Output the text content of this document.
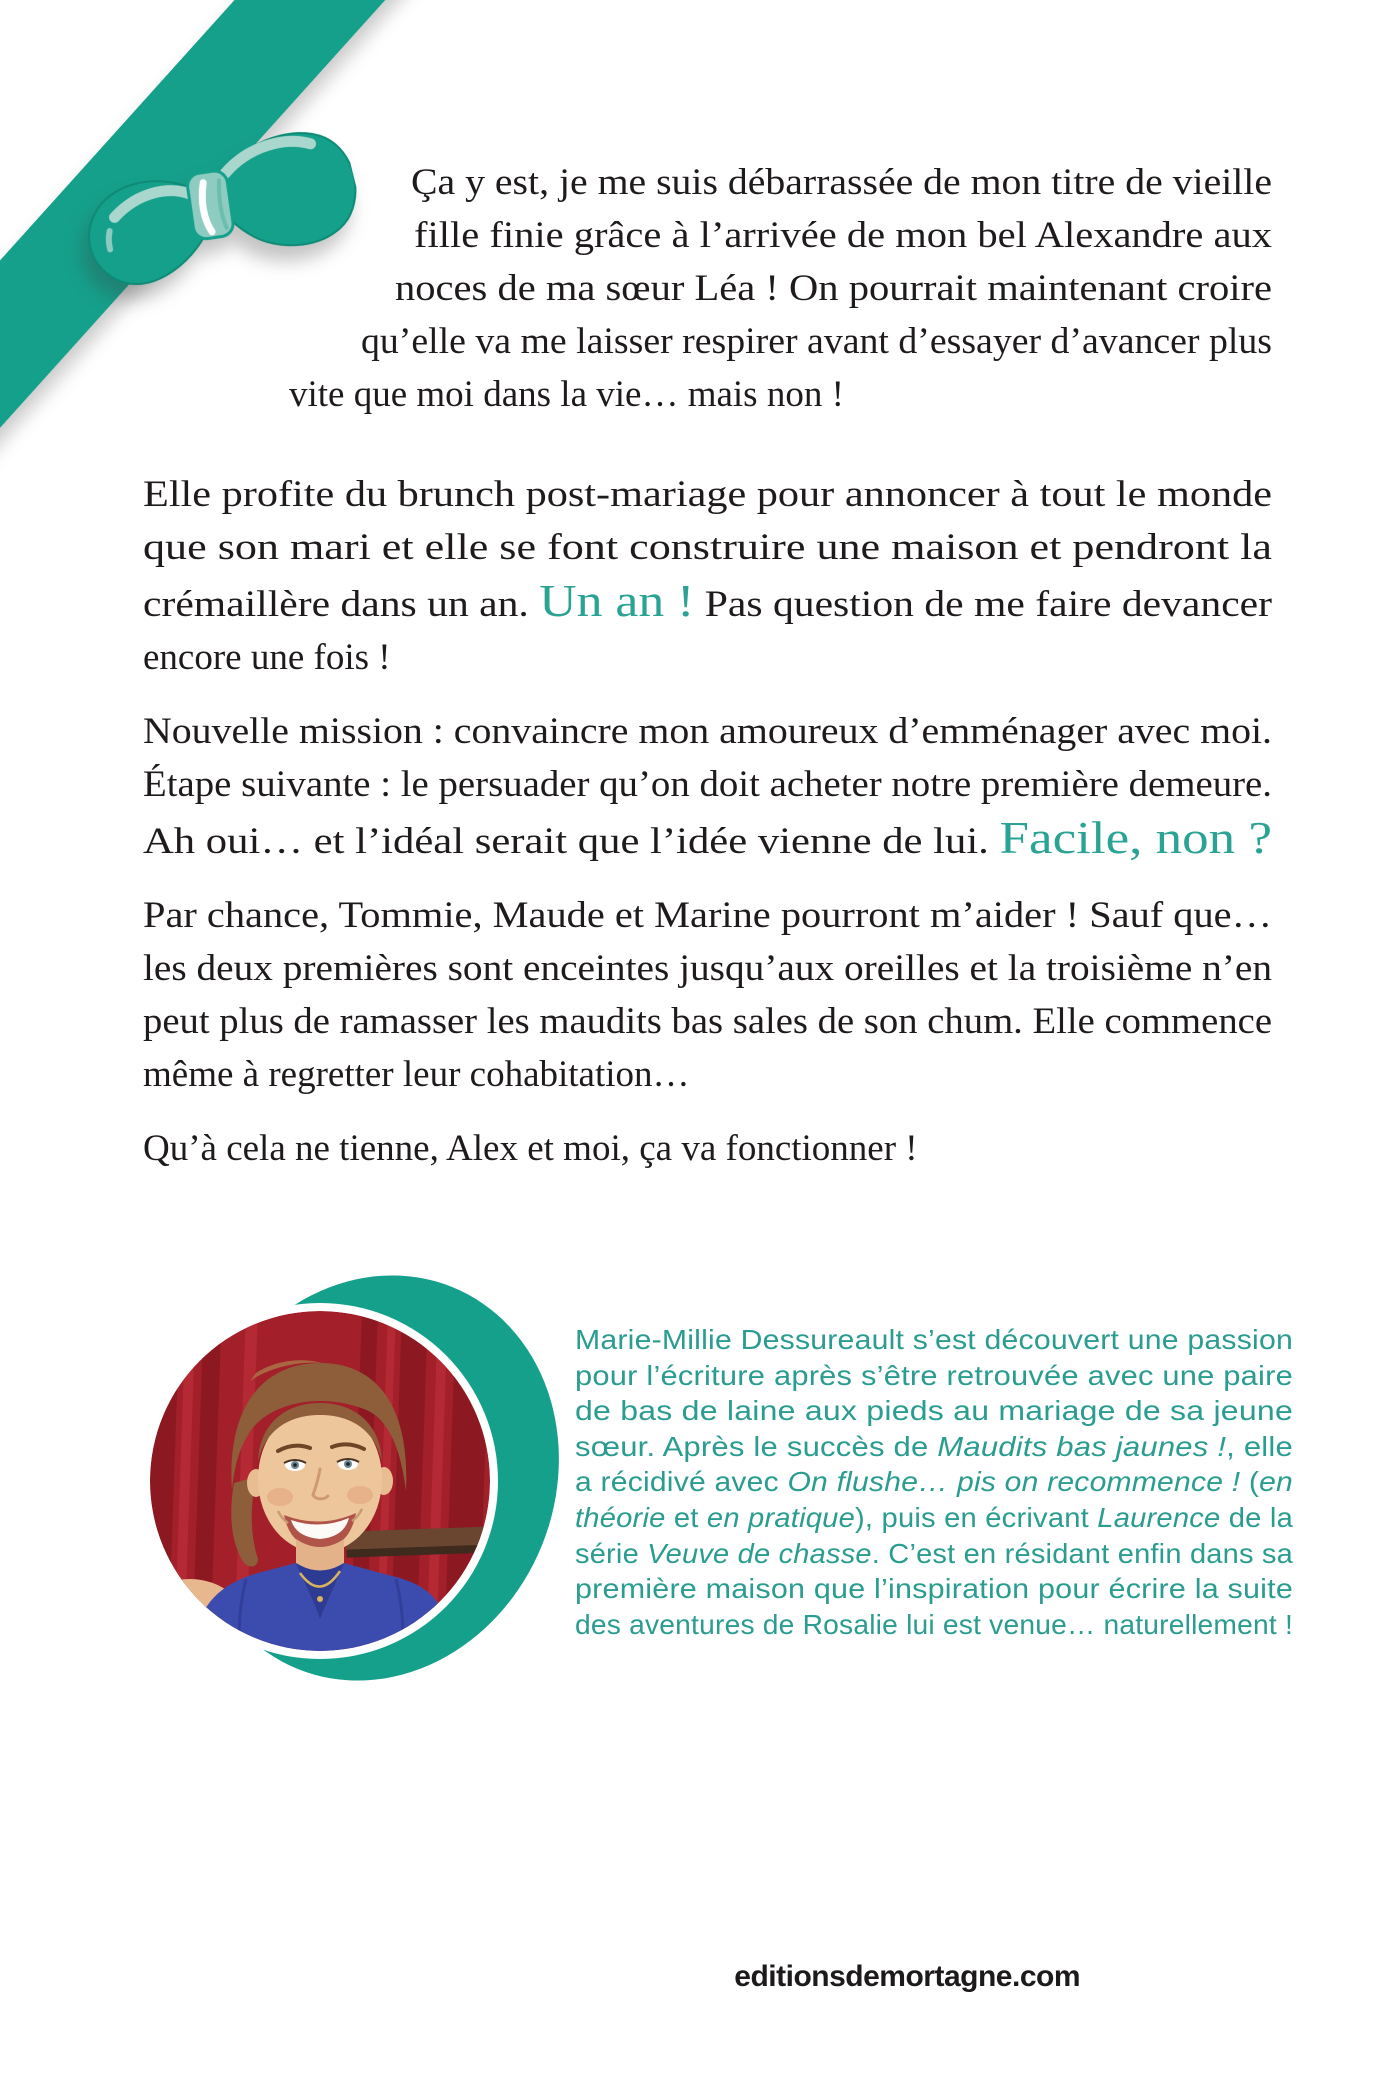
Ça y est, je me suis débarrassée de mon titre de vieille
fille finie grâce à l’arrivée de mon bel Alexandre aux
noces de ma sœur Léa ! On pourrait maintenant croire
qu’elle va me laisser respirer avant d’essayer d’avancer plus
vite que moi dans la vie… mais non !
Elle profite du brunch post-mariage pour annoncer à tout le monde
que son mari et elle se font construire une maison et pendront la
crémaillère dans un an. Un an ! Pas question de me faire devancer
encore une fois !
Nouvelle mission : convaincre mon amoureux d’emménager avec moi.
Étape suivante : le persuader qu’on doit acheter notre première demeure.
Ah oui… et l’idéal serait que l’idée vienne de lui. Facile, non ?
Par chance, Tommie, Maude et Marine pourront m’aider ! Sauf que…
les deux premières sont enceintes jusqu’aux oreilles et la troisième n’en
peut plus de ramasser les maudits bas sales de son chum. Elle commence
même à regretter leur cohabitation…
Qu’à cela ne tienne, Alex et moi, ça va fonctionner !
Marie-Millie Dessureault s’est découvert une passion
pour l’écriture après s’être retrouvée avec une paire
de bas de laine aux pieds au mariage de sa jeune
sœur. Après le succès de Maudits bas jaunes !, elle
a récidivé avec On flushe… pis on recommence ! (en
théorie et en pratique), puis en écrivant Laurence de la
série Veuve de chasse. C’est en résidant enfin dans sa
première maison que l’inspiration pour écrire la suite
des aventures de Rosalie lui est venue… naturellement !
editionsdemortagne.com
